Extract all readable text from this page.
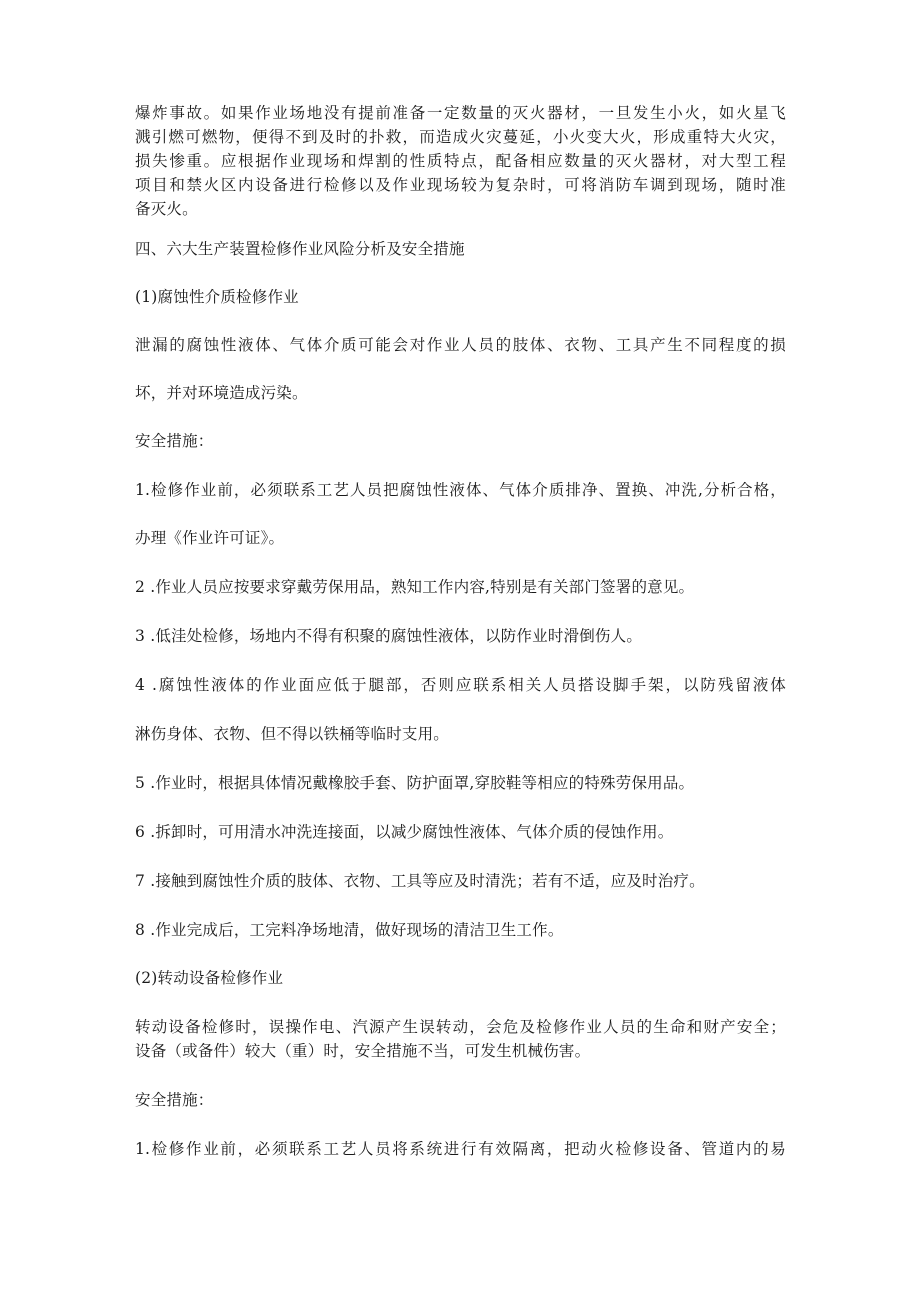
爆炸事故。如果作业场地没有提前准备一定数量的灭火器材，一旦发生小火，如火星飞
溅引燃可燃物，便得不到及时的扑救，而造成火灾蔓延，小火变大火，形成重特大火灾，
损失惨重。应根据作业现场和焊割的性质特点，配备相应数量的灭火器材，对大型工程
项目和禁火区内设备进行检修以及作业现场较为复杂时，可将消防车调到现场，随时准
备灭火。
四、六大生产装置检修作业风险分析及安全措施
(1)腐蚀性介质检修作业
泄漏的腐蚀性液体、气体介质可能会对作业人员的肢体、衣物、工具产生不同程度的损
坏，并对环境造成污染。
安全措施：
1.检修作业前，必须联系工艺人员把腐蚀性液体、气体介质排净、置换、冲洗,分析合格，
办理《作业许可证》。
2 .作业人员应按要求穿戴劳保用品，熟知工作内容,特别是有关部门签署的意见。
3 .低洼处检修，场地内不得有积聚的腐蚀性液体，以防作业时滑倒伤人。
4 .腐蚀性液体的作业面应低于腿部，否则应联系相关人员搭设脚手架，以防残留液体
淋伤身体、衣物、但不得以铁桶等临时支用。
5 .作业时，根据具体情况戴橡胶手套、防护面罩,穿胶鞋等相应的特殊劳保用品。
6 .拆卸时，可用清水冲洗连接面，以减少腐蚀性液体、气体介质的侵蚀作用。
7 .接触到腐蚀性介质的肢体、衣物、工具等应及时清洗；若有不适，应及时治疗。
8 .作业完成后，工完料净场地清，做好现场的清洁卫生工作。
(2)转动设备检修作业
转动设备检修时，误操作电、汽源产生误转动，会危及检修作业人员的生命和财产安全；
设备（或备件）较大（重）时，安全措施不当，可发生机械伤害。
安全措施：
1.检修作业前，必须联系工艺人员将系统进行有效隔离，把动火检修设备、管道内的易
